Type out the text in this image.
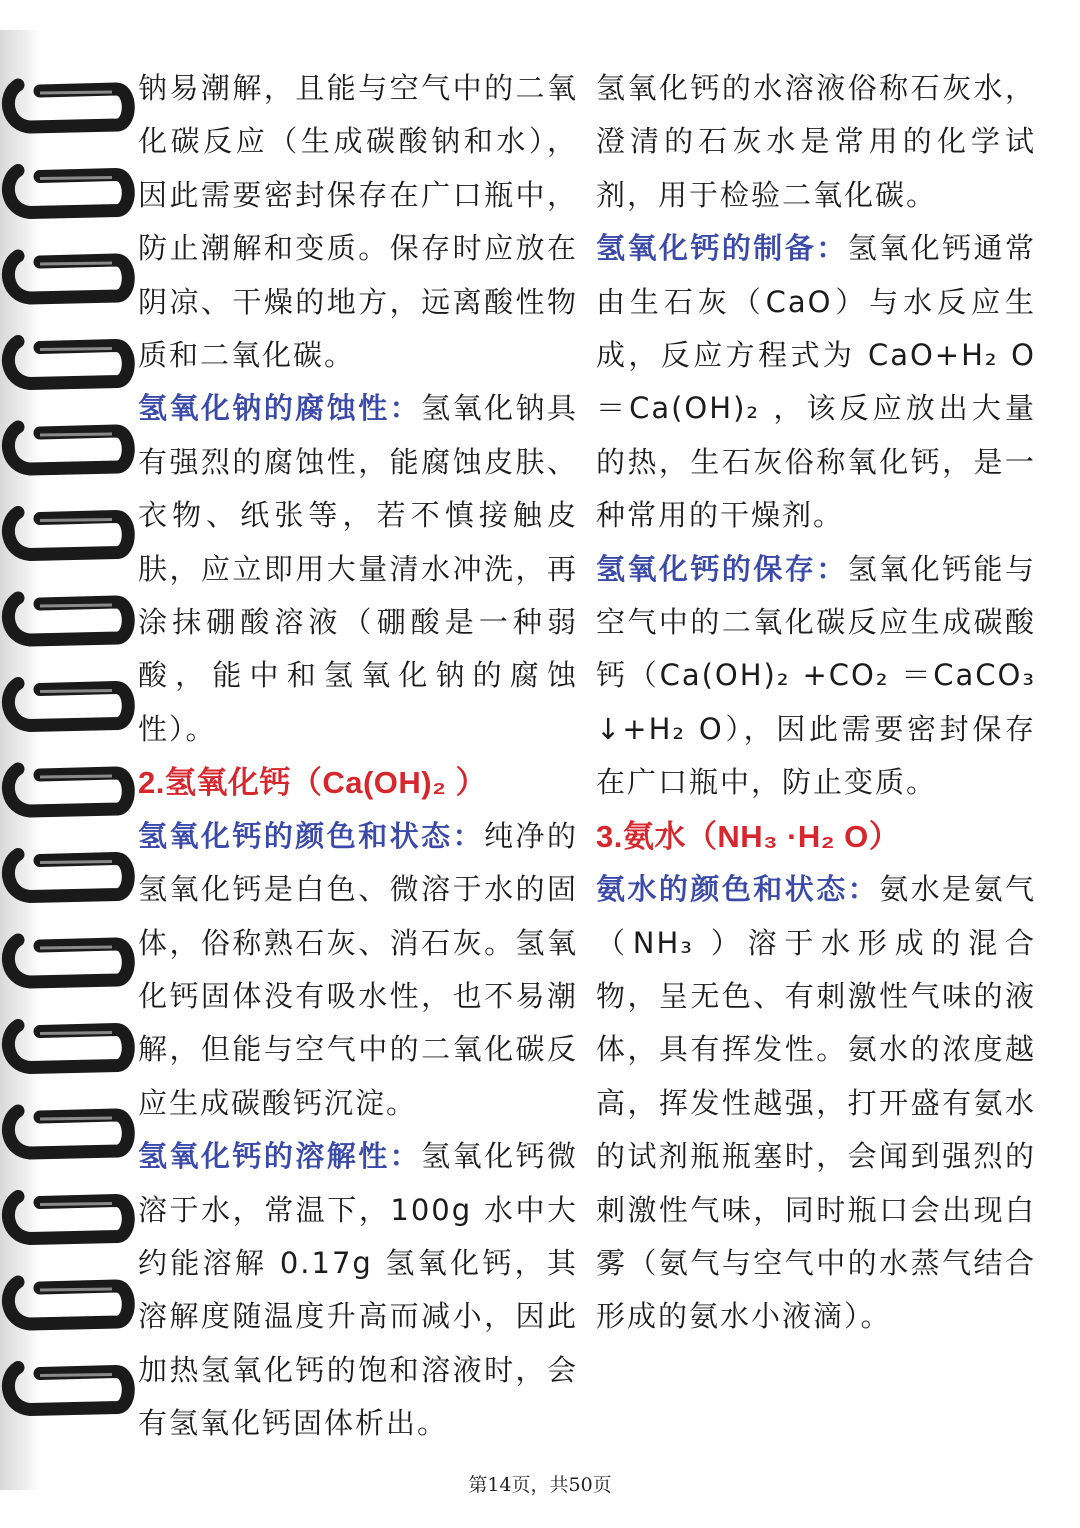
钠易潮解，且能与空气中的二氧化碳反应（生成碳酸钠和水），因此需要密封保存在广口瓶中，防止潮解和变质。保存时应放在阴凉、干燥的地方，远离酸性物质和二氧化碳。

氢氧化钠的腐蚀性：氢氧化钠具有强烈的腐蚀性，能腐蚀皮肤、衣物、纸张等，若不慎接触皮肤，应立即用大量清水冲洗，再涂抹硼酸溶液（硼酸是一种弱酸，能中和氢氧化钠的腐蚀性）。

2.氢氧化钙（Ca(OH)₂ ）

氢氧化钙的颜色和状态：纯净的氢氧化钙是白色、微溶于水的固体，俗称熟石灰、消石灰。氢氧化钙固体没有吸水性，也不易潮解，但能与空气中的二氧化碳反应生成碳酸钙沉淀。

氢氧化钙的溶解性：氢氧化钙微溶于水，常温下，100g 水中大约能溶解 0.17g 氢氧化钙，其溶解度随温度升高而减小，因此加热氢氧化钙的饱和溶液时，会有氢氧化钙固体析出。

氢氧化钙的水溶液俗称石灰水，澄清的石灰水是常用的化学试剂，用于检验二氧化碳。

氢氧化钙的制备：氢氧化钙通常由生石灰（CaO）与水反应生成，反应方程式为 CaO+H₂ O＝Ca(OH)₂ ，该反应放出大量的热，生石灰俗称氧化钙，是一种常用的干燥剂。

氢氧化钙的保存：氢氧化钙能与空气中的二氧化碳反应生成碳酸钙（Ca(OH)₂ +CO₂ ＝CaCO₃ ↓+H₂ O），因此需要密封保存在广口瓶中，防止变质。

3.氨水（NH₃ ·H₂ O）

氨水的颜色和状态：氨水是氨气（NH₃ ）溶于水形成的混合物，呈无色、有刺激性气味的液体，具有挥发性。氨水的浓度越高，挥发性越强，打开盛有氨水的试剂瓶瓶塞时，会闻到强烈的刺激性气味，同时瓶口会出现白雾（氨气与空气中的水蒸气结合形成的氨水小液滴）。

第14页，共50页
